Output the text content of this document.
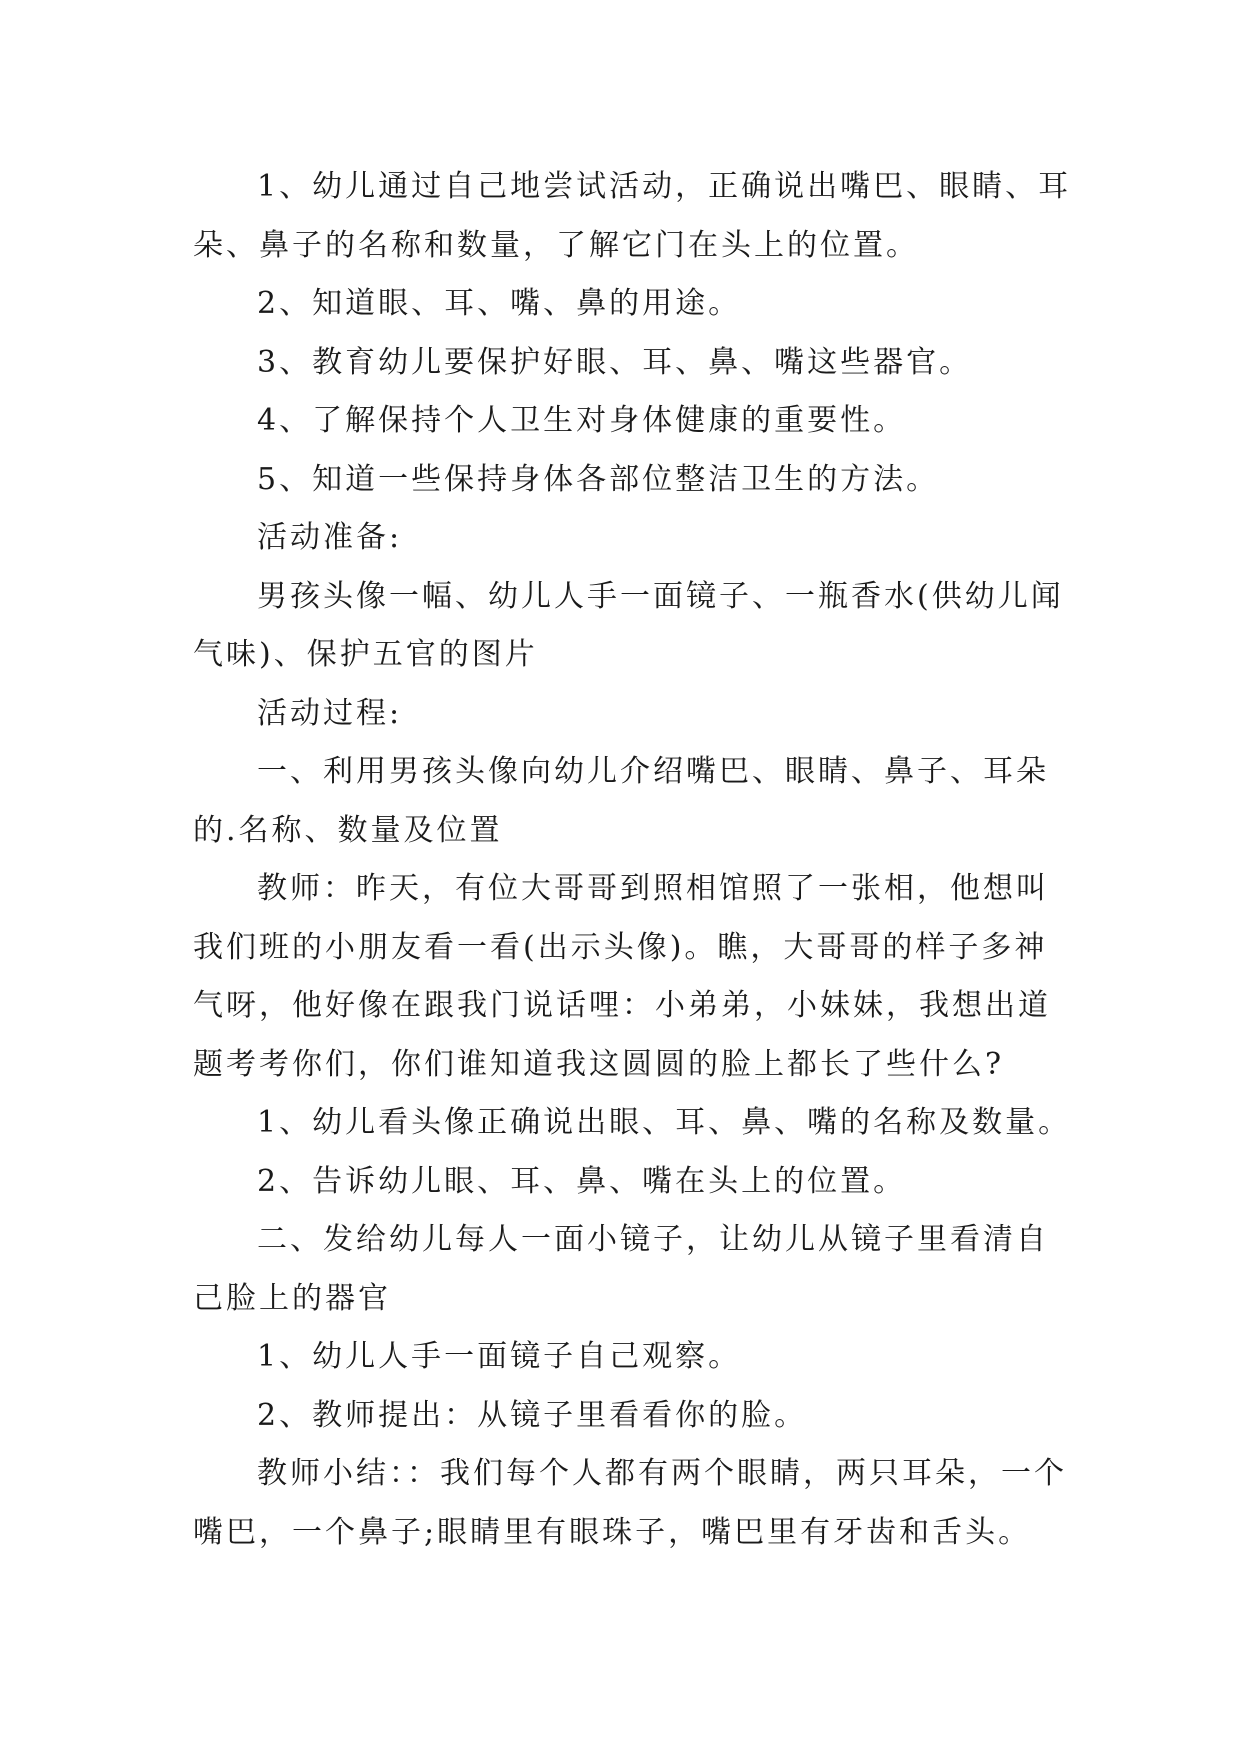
1、幼儿通过自己地尝试活动，正确说出嘴巴、眼睛、耳朵、鼻子的名称和数量，了解它门在头上的位置。

2、知道眼、耳、嘴、鼻的用途。

3、教育幼儿要保护好眼、耳、鼻、嘴这些器官。

4、了解保持个人卫生对身体健康的重要性。

5、知道一些保持身体各部位整洁卫生的方法。

活动准备:

男孩头像一幅、幼儿人手一面镜子、一瓶香水(供幼儿闻气味)、保护五官的图片

活动过程:

一、利用男孩头像向幼儿介绍嘴巴、眼睛、鼻子、耳朵的.名称、数量及位置

教师：昨天，有位大哥哥到照相馆照了一张相，他想叫我们班的小朋友看一看(出示头像)。瞧，大哥哥的样子多神气呀，他好像在跟我门说话哩：小弟弟，小妹妹，我想出道题考考你们，你们谁知道我这圆圆的脸上都长了些什么?

1、幼儿看头像正确说出眼、耳、鼻、嘴的名称及数量。

2、告诉幼儿眼、耳、鼻、嘴在头上的位置。

二、发给幼儿每人一面小镜子，让幼儿从镜子里看清自己脸上的器官

1、幼儿人手一面镜子自己观察。

2、教师提出：从镜子里看看你的脸。

教师小结：：我们每个人都有两个眼睛，两只耳朵，一个嘴巴，一个鼻子;眼睛里有眼珠子，嘴巴里有牙齿和舌头。
